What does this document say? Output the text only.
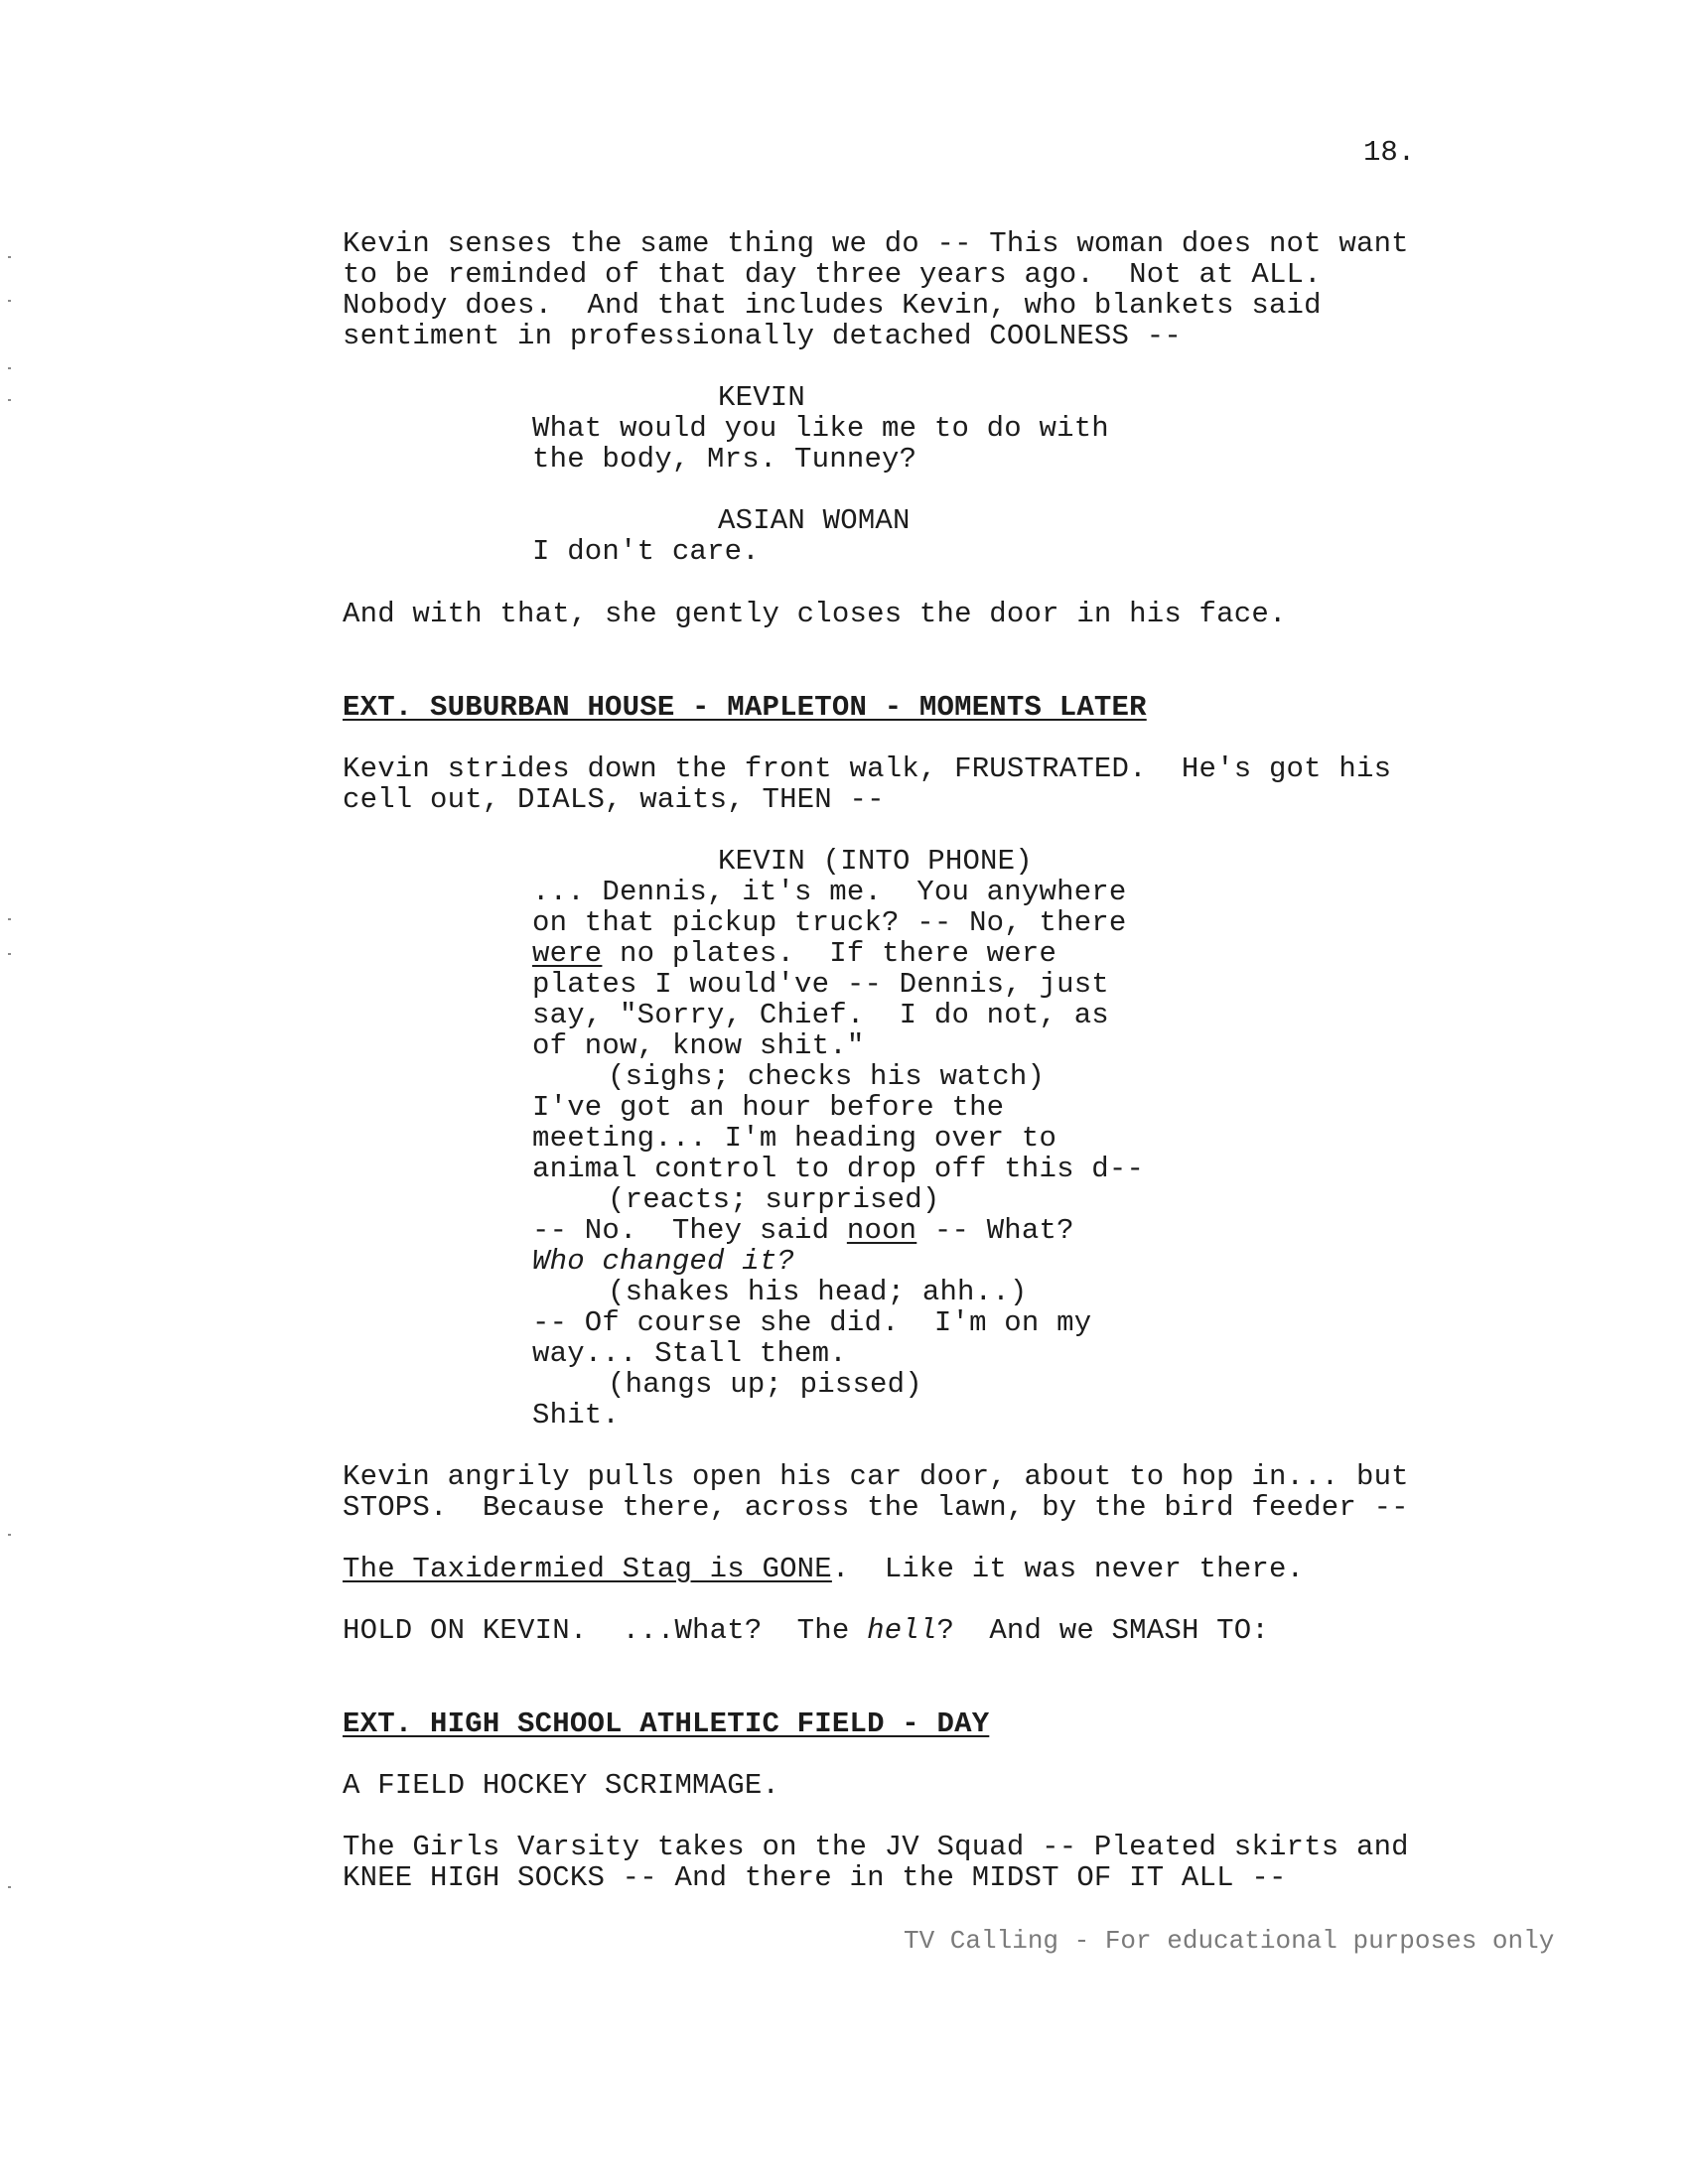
18.
Kevin senses the same thing we do -- This woman does not want
to be reminded of that day three years ago.  Not at ALL.
Nobody does.  And that includes Kevin, who blankets said
sentiment in professionally detached COOLNESS --
KEVIN
What would you like me to do with
the body, Mrs. Tunney?
ASIAN WOMAN
I don't care.
And with that, she gently closes the door in his face.
EXT. SUBURBAN HOUSE - MAPLETON - MOMENTS LATER
Kevin strides down the front walk, FRUSTRATED.  He's got his
cell out, DIALS, waits, THEN --
KEVIN (INTO PHONE)
... Dennis, it's me.  You anywhere
on that pickup truck? -- No, there
were no plates.  If there were
plates I would've -- Dennis, just
say, "Sorry, Chief.  I do not, as
of now, know shit."
(sighs; checks his watch)
I've got an hour before the
meeting... I'm heading over to
animal control to drop off this d--
(reacts; surprised)
-- No.  They said noon -- What?
Who changed it?
(shakes his head; ahh..)
-- Of course she did.  I'm on my
way... Stall them.
(hangs up; pissed)
Shit.
Kevin angrily pulls open his car door, about to hop in... but
STOPS.  Because there, across the lawn, by the bird feeder --
The Taxidermied Stag is GONE.  Like it was never there.
HOLD ON KEVIN.  ...What?  The hell?  And we SMASH TO:
EXT. HIGH SCHOOL ATHLETIC FIELD - DAY
A FIELD HOCKEY SCRIMMAGE.
The Girls Varsity takes on the JV Squad -- Pleated skirts and
KNEE HIGH SOCKS -- And there in the MIDST OF IT ALL --
TV Calling - For educational purposes only
